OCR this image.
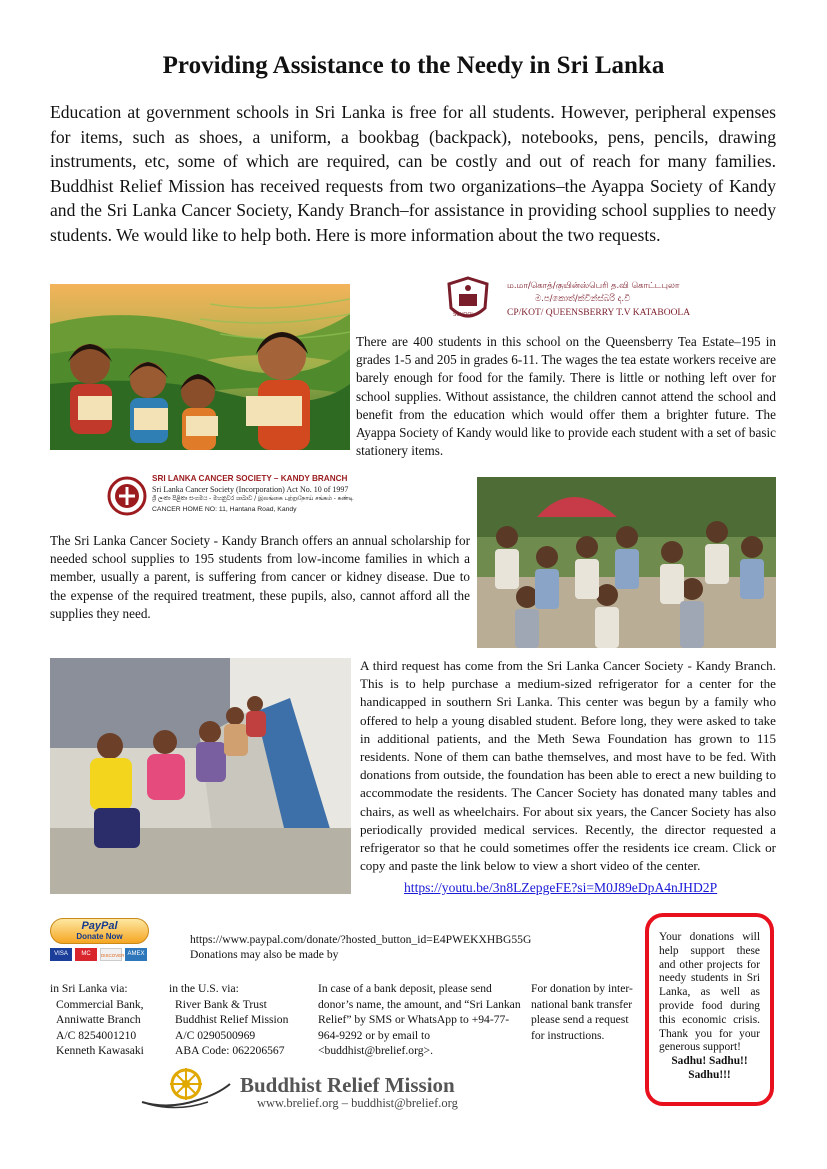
Providing Assistance to the Needy in Sri Lanka
Education at government schools in Sri Lanka is free for all students. However, peripheral expenses for items, such as shoes, a uniform, a bookbag (backpack), notebooks, pens, pencils, drawing instruments, etc, some of which are required, can be costly and out of reach for many families. Buddhist Relief Mission has received requests from two organizations–the Ayappa Society of Kandy and the Sri Lanka Cancer Society, Kandy Branch–for assistance in providing school supplies to needy students. We would like to help both. Here is more information about the two requests.
SCHOOL
ம.மா/கொத்/குயின்ஸ்பெரி த.வி கொட்டபுலா
ම.ප/කොත්/ක්වීන්ස්බරි ද.වි
CP/KOT/ QUEENSBERRY T.V KATABOOLA
There are 400 students in this school on the Queensberry Tea Estate–195 in grades 1-5 and 205 in grades 6-11. The wages the tea estate workers receive are barely enough for food for the family. There is little or nothing left over for school supplies. Without assistance, the children cannot attend the school and benefit from the education which would offer them a brighter future. The Ayappa Society of Kandy would like to provide each student with a set of basic stationery items.
SRI LANKA CANCER SOCIETY – KANDY BRANCH
Sri Lanka Cancer Society (Incorporation) Act No. 10 of 1997
ශ්‍රී ලංකා පිළිකා සංගමය - මහනුවර ශාඛාව / இலங்கை புற்றுநோய் சங்கம் - கண்டி
CANCER HOME NO: 11, Hantana Road, Kandy
The Sri Lanka Cancer Society - Kandy Branch offers an annual scholarship for needed school supplies to 195 students from low-income families in which a member, usually a parent, is suffering from cancer or kidney disease. Due to the expense of the required treatment, these pupils, also, cannot afford all the supplies they need.
A third request has come from the Sri Lanka Cancer Society - Kandy Branch. This is to help purchase a medium-sized refrigerator for a center for the handicapped in southern Sri Lanka. This center was begun by a family who offered to help a young disabled student. Before long, they were asked to take in additional patients, and the Meth Sewa Foundation has grown to 115 residents. None of them can bathe themselves, and most have to be fed. With donations from outside, the foundation has been able to erect a new building to accommodate the residents. The Cancer Society has donated many tables and chairs, as well as wheelchairs. For about six years, the Cancer Society has also periodically provided medical services. Recently, the director requested a refrigerator so that he could sometimes offer the residents ice cream. Click or copy and paste the link below to view a short video of the center.
https://youtu.be/3n8LZepgeFE?si=M0J89eDpA4nJHD2P
PayPal
Donate Now
VISA	MC	DISCOVER AMEX
https://www.paypal.com/donate/?hosted_button_id=E4PWEKXHBG55G
Donations may also be made by
in Sri Lanka via:
Commercial Bank,
Anniwatte Branch
A/C 8254001210
Kenneth Kawasaki
in the U.S. via:
River Bank & Trust
Buddhist Relief Mission
A/C 0290500969
ABA Code: 062206567
In case of a bank deposit, please send donor’s name, the amount, and “Sri Lankan Relief” by SMS or WhatsApp to +94-77-964-9292 or by email to <buddhist@brelief.org>.
For donation by inter-national bank transfer please send a request for instructions.
Your donations will help support these and other projects for needy students in Sri Lanka, as well as provide food during this economic crisis. Thank you for your generous support!
Sadhu! Sadhu!! Sadhu!!!
Buddhist Relief Mission
www.brelief.org – buddhist@brelief.org
